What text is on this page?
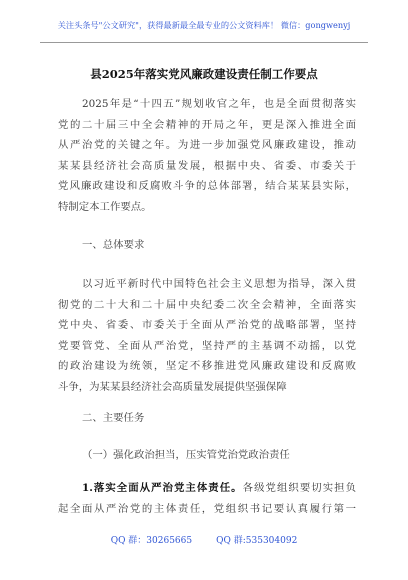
关注头条号"公文研究"，获得最新最全最专业的公文资料库！ 微信：gongwenyj
县2025年落实党风廉政建设责任制工作要点
2025年是“十四五”规划收官之年，也是全面贯彻落实
党的二十届三中全会精神的开局之年，更是深入推进全面
从严治党的关键之年。为进一步加强党风廉政建设，推动
某某县经济社会高质量发展，根据中央、省委、市委关于
党风廉政建设和反腐败斗争的总体部署，结合某某县实际，
特制定本工作要点。
一、总体要求
以习近平新时代中国特色社会主义思想为指导，深入贯
彻党的二十大和二十届中央纪委二次全会精神，全面落实
党中央、省委、市委关于全面从严治党的战略部署，坚持
党要管党、全面从严治党，坚持严的主基调不动摇，以党
的政治建设为统领，坚定不移推进党风廉政建设和反腐败
斗争，为某某县经济社会高质量发展提供坚强保障
二、主要任务
（一）强化政治担当，压实管党治党政治责任
1.落实全面从严治党主体责任。各级党组织要切实担负
起全面从严治党的主体责任，党组织书记要认真履行第一
QQ 群：30265665	QQ 群:535304092
